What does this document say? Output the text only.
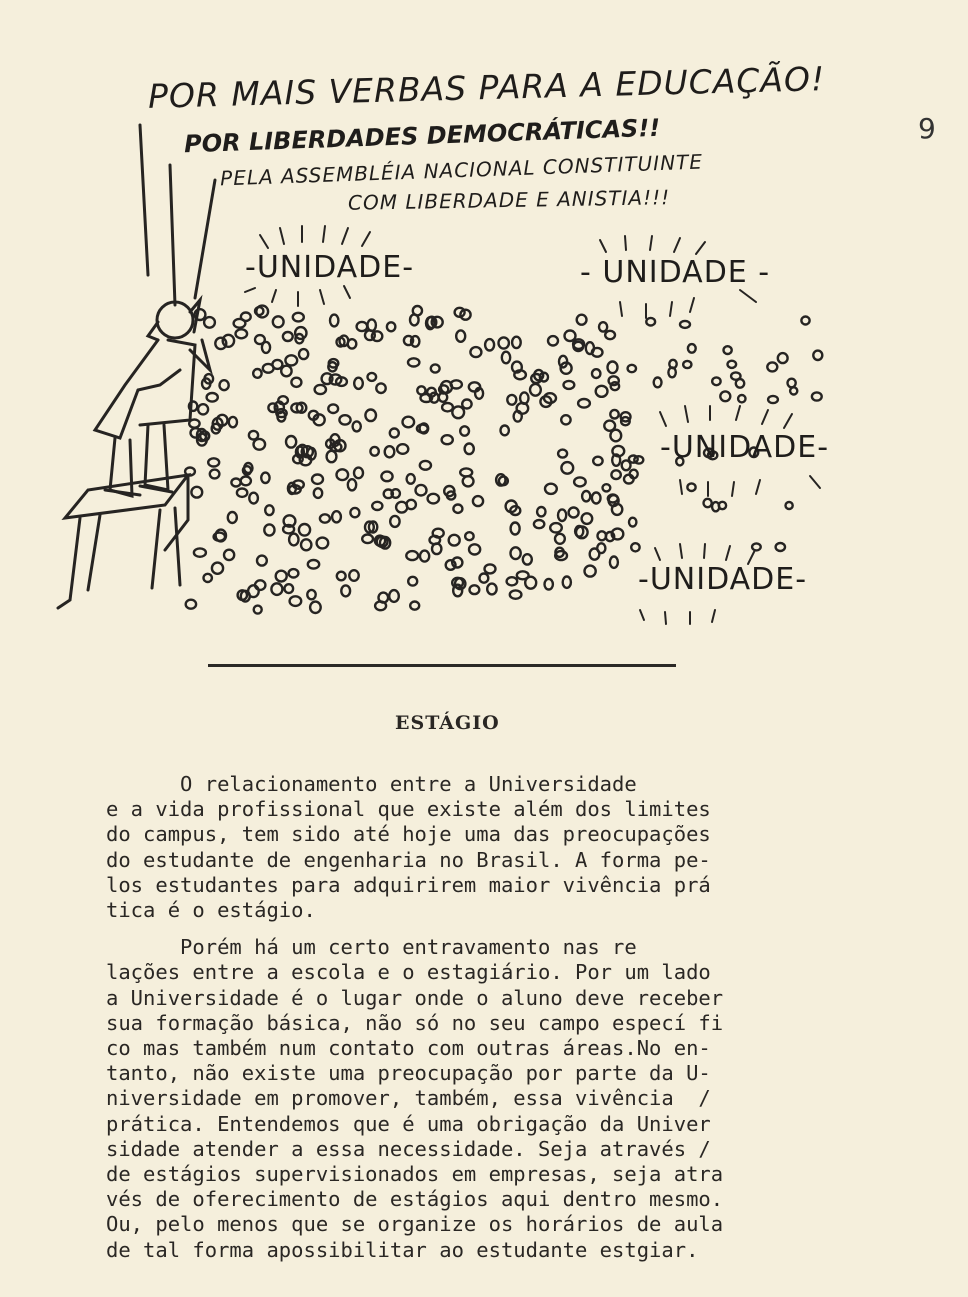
9
POR MAIS VERBAS PARA A EDUCAÇÃO!
POR LIBERDADES DEMOCRÁTICAS!!
PELA ASSEMBLÉIA NACIONAL CONSTITUINTE
COM LIBERDADE E ANISTIA!!!
-UNIDADE-	- UNIDADE -
-UNIDADE-
-UNIDADE-
ESTÁGIO
O relacionamento entre a Universidade
e a vida profissional que existe além dos limites
do campus, tem sido até hoje uma das preocupações
do estudante de engenharia no Brasil. A forma pe-
los estudantes para adquirirem maior vivência prá
tica é o estágio.
Porém há um certo entravamento nas re
lações entre a escola e o estagiário. Por um lado
a Universidade é o lugar onde o aluno deve receber
sua formação básica, não só no seu campo especí fi
co mas também num contato com outras áreas.No en-
tanto, não existe uma preocupação por parte da U-
niversidade em promover, também, essa vivência  /
prática. Entendemos que é uma obrigação da Univer
sidade atender a essa necessidade. Seja através /
de estágios supervisionados em empresas, seja atra
vés de oferecimento de estágios aqui dentro mesmo.
Ou, pelo menos que se organize os horários de aula
de tal forma apossibilitar ao estudante estgiar.
